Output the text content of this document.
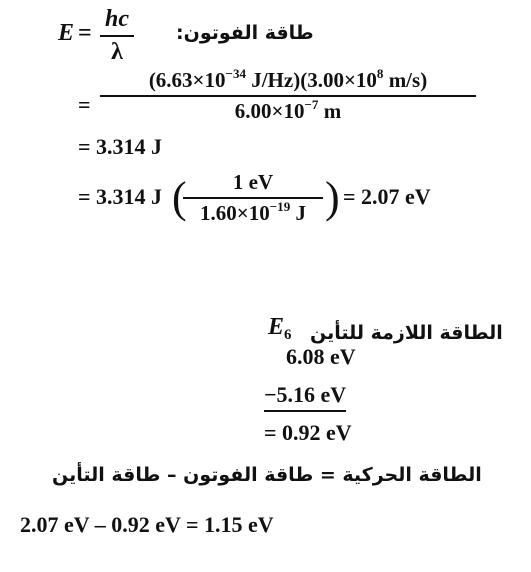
E =
hc
λ
طاقة الفوتون:
=
($6.63\times 10^{-34}$ $J/Hz)(3.00\times 10^8$ m/s)
$6.00\times 10^{-7}$ m
= 3.314 J
= 3.314 J (	1 eV
$1.60\times 10^{-19}$ J ) = 2.07 eV
الطاقة اللازمة للتأين
$E_6$
6.08 eV
−5.16 eV
= 0.92 eV
الطاقة الحركية = طاقة الفوتون – طاقة التأين
2.07 eV – 0.92 eV = 1.15 eV
